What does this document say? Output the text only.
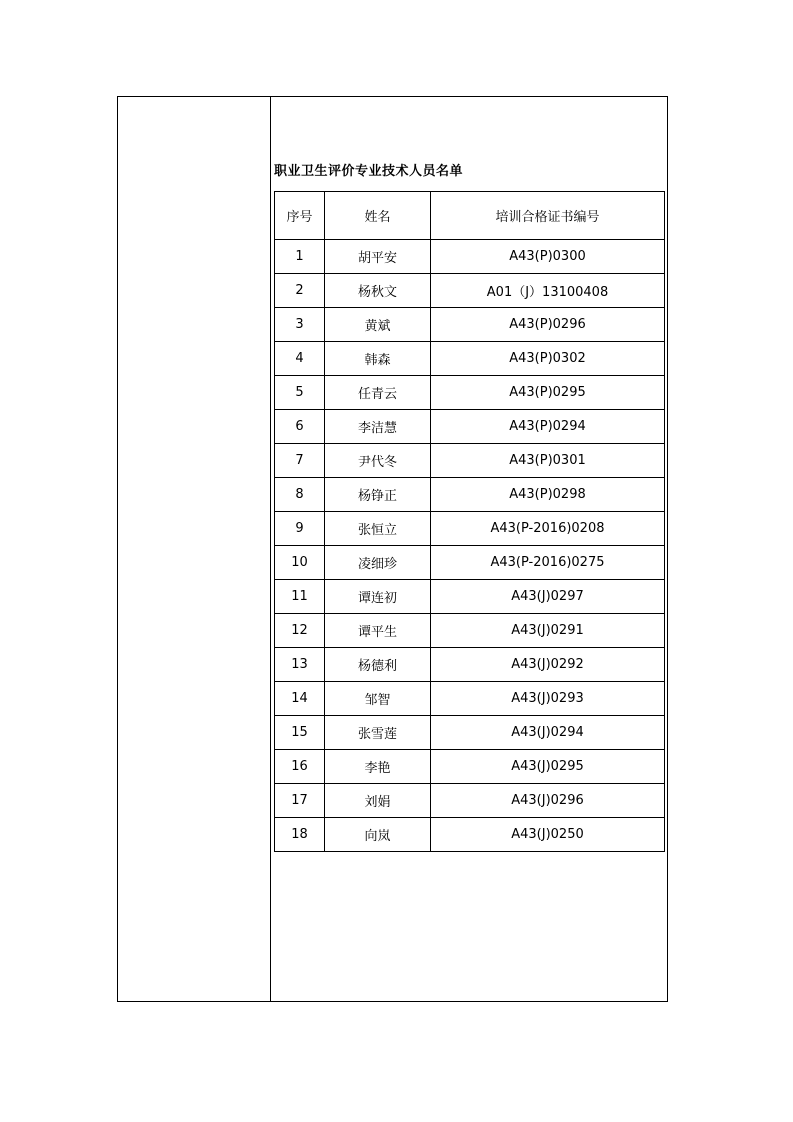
职业卫生评价专业技术人员名单
序号	姓名	培训合格证书编号
1	胡平安	A43(P)0300
2	杨秋文	A01（J）13100408
3	黄斌	A43(P)0296
4	韩森	A43(P)0302
5	任青云	A43(P)0295
6	李洁慧	A43(P)0294
7	尹代冬	A43(P)0301
8	杨铮正	A43(P)0298
9	张恒立	A43(P-2016)0208
10	凌细珍	A43(P-2016)0275
11	谭连初	A43(J)0297
12	谭平生	A43(J)0291
13	杨德利	A43(J)0292
14	邹智	A43(J)0293
15	张雪莲	A43(J)0294
16	李艳	A43(J)0295
17	刘娟	A43(J)0296
18	向岚	A43(J)0250
